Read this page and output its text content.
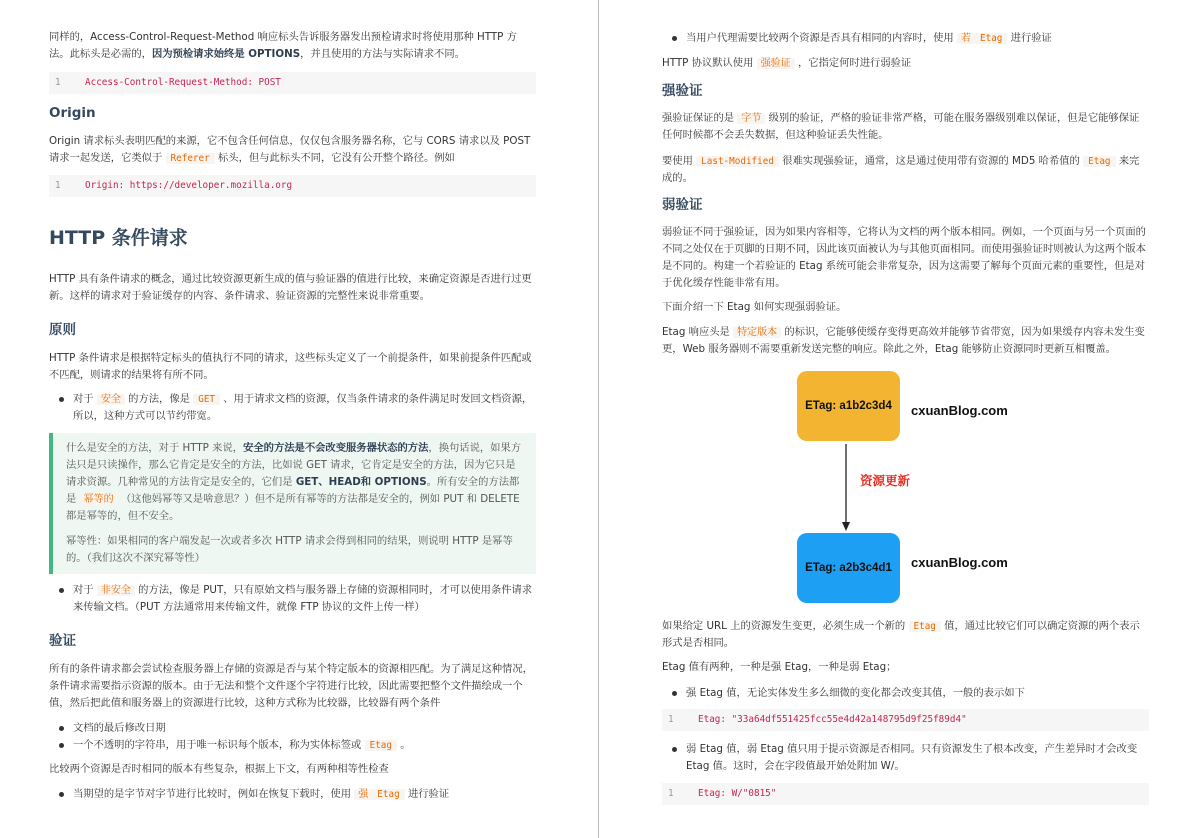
同样的，Access-Control-Request-Method 响应标头告诉服务器发出预检请求时将使用那种 HTTP 方法。此标头是必需的，因为预检请求始终是 OPTIONS，并且使用的方法与实际请求不同。

1	Access-Control-Request-Method: POST
Origin

Origin 请求标头表明匹配的来源，它不包含任何信息，仅仅包含服务器名称，它与 CORS 请求以及 POST 请求一起发送，它类似于 Referer 标头，但与此标头不同，它没有公开整个路径。例如

1	Origin: https://developer.mozilla.org
HTTP 条件请求

HTTP 具有条件请求的概念，通过比较资源更新生成的值与验证器的值进行比较，来确定资源是否进行过更新。这样的请求对于验证缓存的内容、条件请求、验证资源的完整性来说非常重要。

原则

HTTP 条件请求是根据特定标头的值执行不同的请求，这些标头定义了一个前提条件，如果前提条件匹配或不匹配，则请求的结果将有所不同。

对于 安全 的方法，像是 GET 、用于请求文档的资源，仅当条件请求的条件满足时发回文档资源，所以，这种方式可以节约带宽。

什么是安全的方法，对于 HTTP 来说，安全的方法是不会改变服务器状态的方法，换句话说，如果方法只是只读操作，那么它肯定是安全的方法，比如说 GET 请求，它肯定是安全的方法，因为它只是请求资源。几种常见的方法肯定是安全的，它们是 GET、HEAD和 OPTIONS。所有安全的方法都是 幂等的 （这他妈幂等又是啥意思？）但不是所有幂等的方法都是安全的，例如 PUT 和 DELETE 都是幂等的，但不安全。

幂等性：如果相同的客户端发起一次或者多次 HTTP 请求会得到相同的结果，则说明 HTTP 是幂等的。（我们这次不深究幂等性）

对于 非安全 的方法，像是 PUT，只有原始文档与服务器上存储的资源相同时，才可以使用条件请求来传输文档。（PUT 方法通常用来传输文件，就像 FTP 协议的文件上传一样）
验证

所有的条件请求都会尝试检查服务器上存储的资源是否与某个特定版本的资源相匹配。为了满足这种情况，条件请求需要指示资源的版本。由于无法和整个文件逐个字符进行比较，因此需要把整个文件描绘成一个值，然后把此值和服务器上的资源进行比较，这种方式称为比较器，比较器有两个条件

文档的最后修改日期
一个不透明的字符串，用于唯一标识每个版本，称为实体标签或 Etag 。

比较两个资源是否时相同的版本有些复杂，根据上下文，有两种相等性检查

当期望的是字节对字节进行比较时，例如在恢复下载时，使用 强 Etag 进行验证
当用户代理需要比较两个资源是否具有相同的内容时，使用 若 Etag 进行验证

HTTP 协议默认使用 强验证 ，它指定何时进行弱验证

强验证

强验证保证的是 字节 级别的验证，严格的验证非常严格，可能在服务器级别难以保证，但是它能够保证任何时候都不会丢失数据，但这种验证丢失性能。

要使用 Last-Modified 很难实现强验证，通常，这是通过使用带有资源的 MD5 哈希值的 Etag 来完成的。

弱验证

弱验证不同于强验证，因为如果内容相等，它将认为文档的两个版本相同。例如，一个页面与另一个页面的不同之处仅在于页脚的日期不同，因此该页面被认为与其他页面相同。而使用强验证时则被认为这两个版本是不同的。构建一个若验证的 Etag 系统可能会非常复杂，因为这需要了解每个页面元素的重要性，但是对于优化缓存性能非常有用。

下面介绍一下 Etag 如何实现强弱验证。

Etag 响应头是 特定版本 的标识，它能够使缓存变得更高效并能够节省带宽，因为如果缓存内容未发生变更，Web 服务器则不需要重新发送完整的响应。除此之外，Etag 能够防止资源同时更新互相覆盖。

ETag: a1b2c3d4 cxuanBlog.com
资源更新
ETag: a2b3c4d1 cxuanBlog.com

如果给定 URL 上的资源发生变更，必须生成一个新的 Etag 值，通过比较它们可以确定资源的两个表示形式是否相同。

Etag 值有两种，一种是强 Etag，一种是弱 Etag；

强 Etag 值，无论实体发生多么细微的变化都会改变其值，一般的表示如下
1	Etag: "33a64df551425fcc55e4d42a148795d9f25f89d4"
弱 Etag 值，弱 Etag 值只用于提示资源是否相同。只有资源发生了根本改变，产生差异时才会改变 Etag 值。这时，会在字段值最开始处附加 W/。
1	Etag: W/"0815"
